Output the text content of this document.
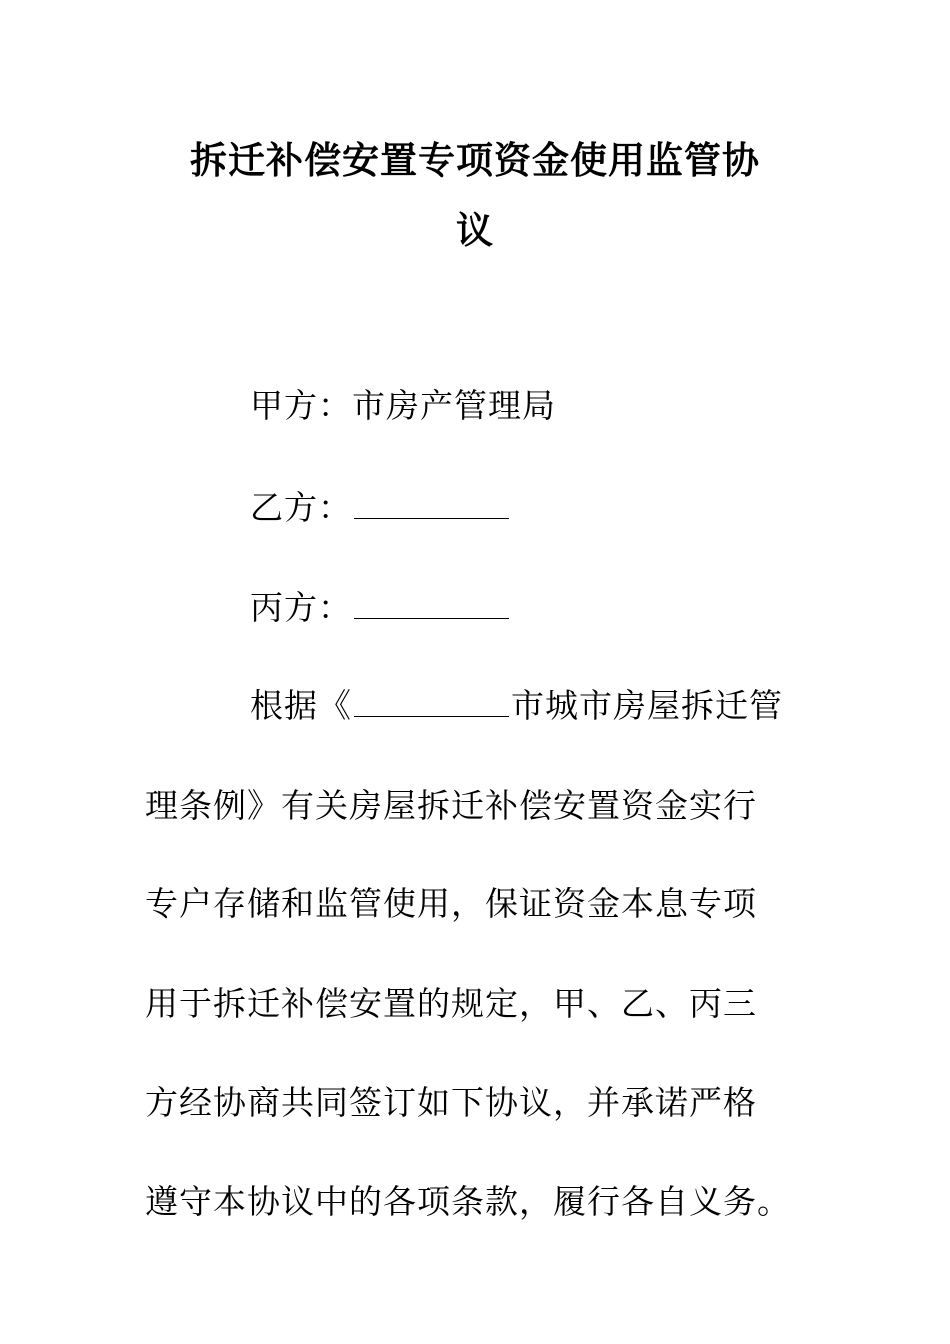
拆迁补偿安置专项资金使用监管协
议
甲方：市房产管理局
乙方：
丙方：
根据《	市城市房屋拆迁管
理条例》有关房屋拆迁补偿安置资金实行
专户存储和监管使用，保证资金本息专项
用于拆迁补偿安置的规定，甲、乙、丙三
方经协商共同签订如下协议，并承诺严格
遵守本协议中的各项条款，履行各自义务。
